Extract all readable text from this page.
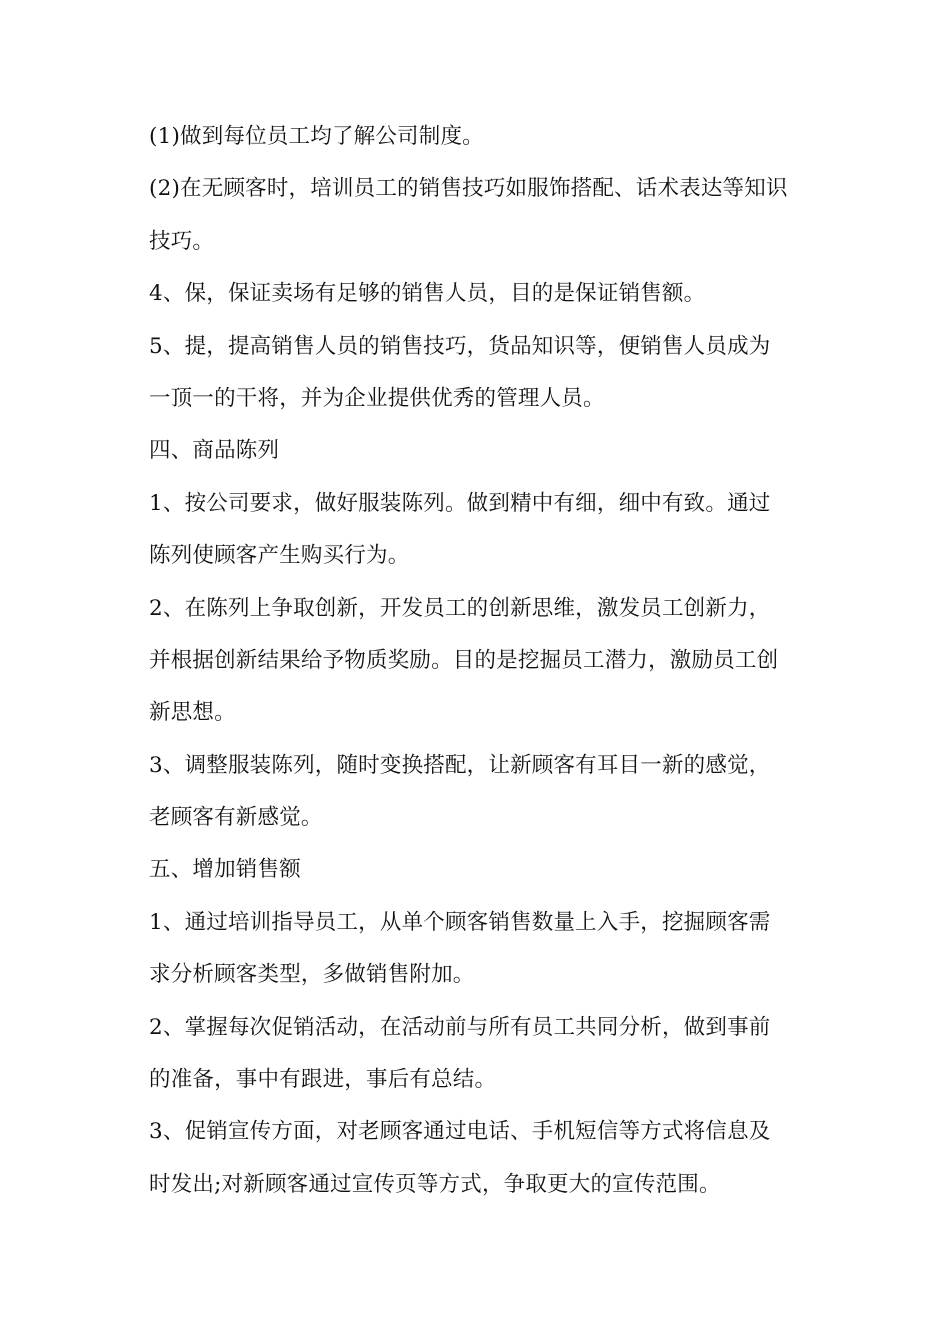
(1)做到每位员工均了解公司制度。
(2)在无顾客时，培训员工的销售技巧如服饰搭配、话术表达等知识
技巧。
4、保，保证卖场有足够的销售人员，目的是保证销售额。
5、提，提高销售人员的销售技巧，货品知识等，便销售人员成为
一顶一的干将，并为企业提供优秀的管理人员。
四、商品陈列
1、按公司要求，做好服装陈列。做到精中有细，细中有致。通过
陈列使顾客产生购买行为。
2、在陈列上争取创新，开发员工的创新思维，激发员工创新力，
并根据创新结果给予物质奖励。目的是挖掘员工潜力，激励员工创
新思想。
3、调整服装陈列，随时变换搭配，让新顾客有耳目一新的感觉，
老顾客有新感觉。
五、增加销售额
1、通过培训指导员工，从单个顾客销售数量上入手，挖掘顾客需
求分析顾客类型，多做销售附加。
2、掌握每次促销活动，在活动前与所有员工共同分析，做到事前
的准备，事中有跟进，事后有总结。
3、促销宣传方面，对老顾客通过电话、手机短信等方式将信息及
时发出;对新顾客通过宣传页等方式，争取更大的宣传范围。
